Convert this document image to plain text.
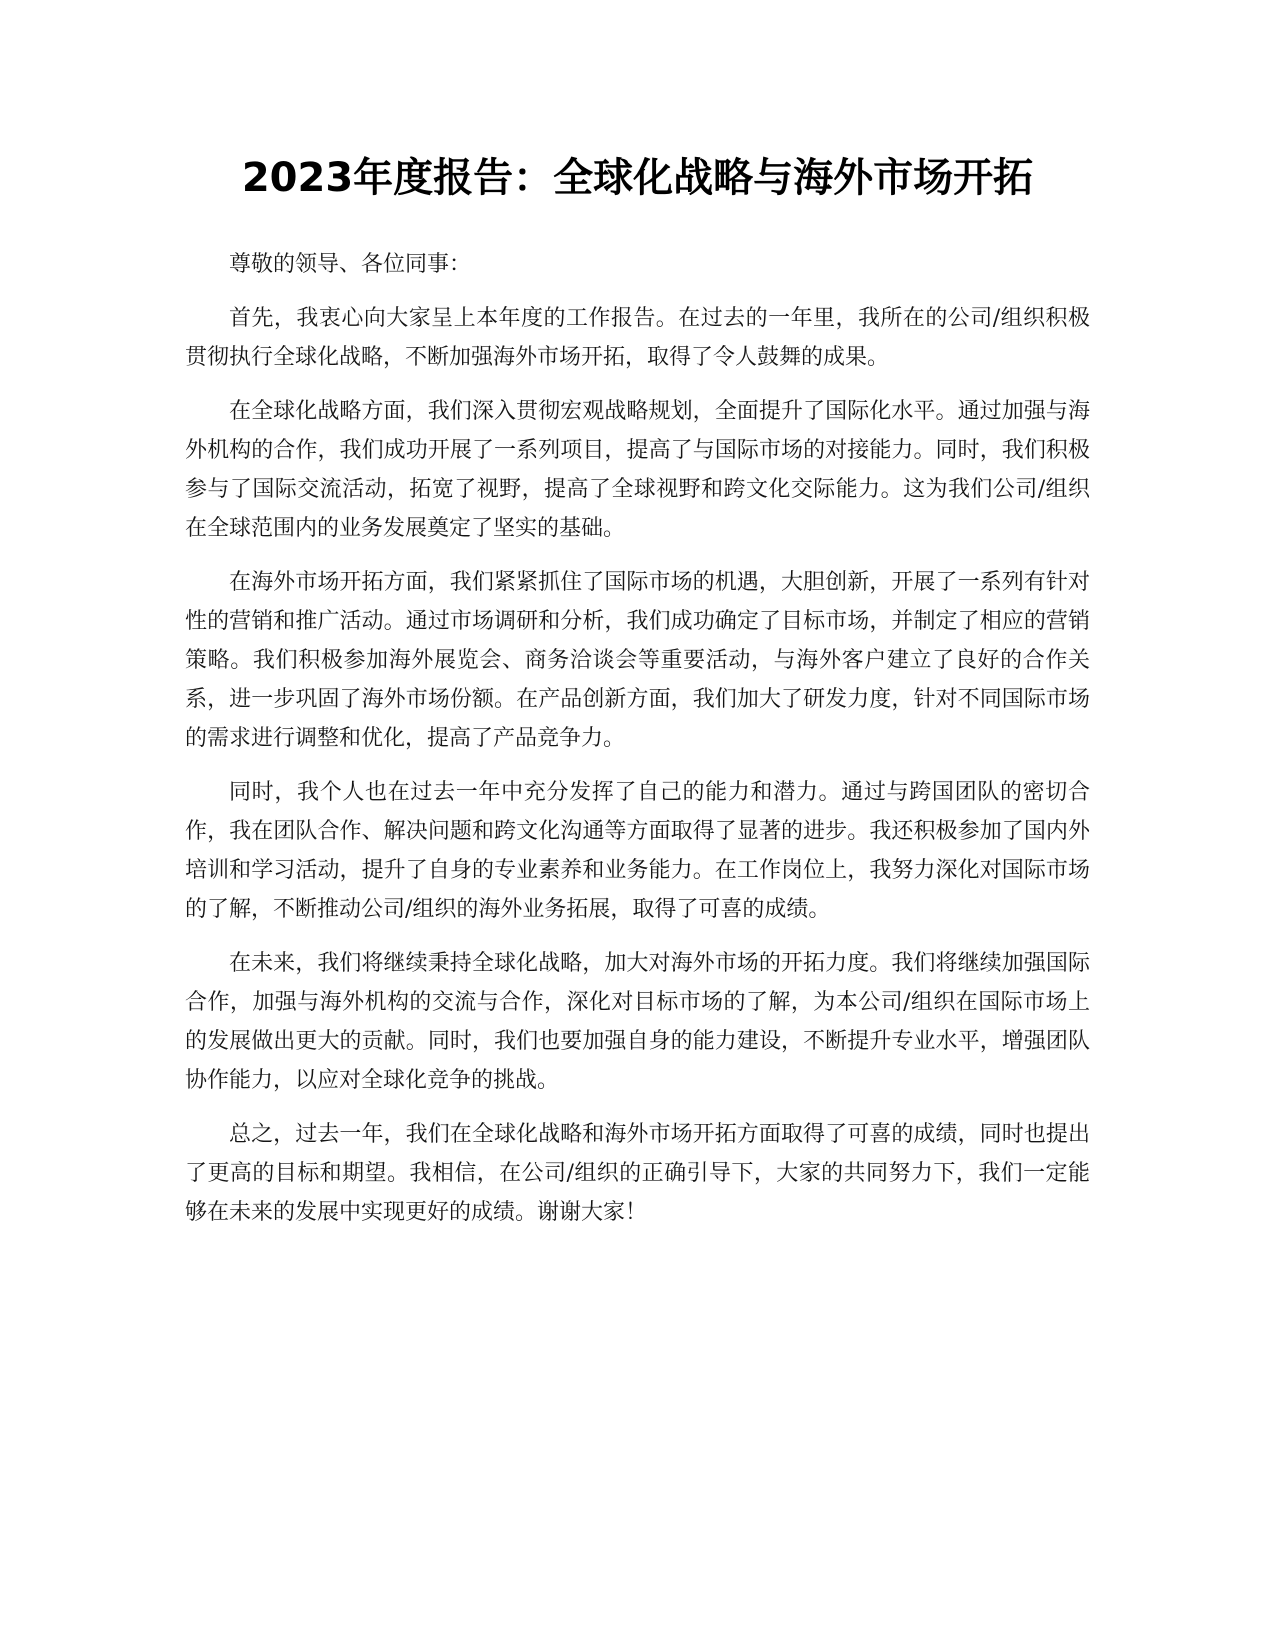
2023年度报告：全球化战略与海外市场开拓

尊敬的领导、各位同事：

首先，我衷心向大家呈上本年度的工作报告。在过去的一年里，我所在的公司/组织积极贯彻执行全球化战略，不断加强海外市场开拓，取得了令人鼓舞的成果。

在全球化战略方面，我们深入贯彻宏观战略规划，全面提升了国际化水平。通过加强与海外机构的合作，我们成功开展了一系列项目，提高了与国际市场的对接能力。同时，我们积极参与了国际交流活动，拓宽了视野，提高了全球视野和跨文化交际能力。这为我们公司/组织在全球范围内的业务发展奠定了坚实的基础。

在海外市场开拓方面，我们紧紧抓住了国际市场的机遇，大胆创新，开展了一系列有针对性的营销和推广活动。通过市场调研和分析，我们成功确定了目标市场，并制定了相应的营销策略。我们积极参加海外展览会、商务洽谈会等重要活动，与海外客户建立了良好的合作关系，进一步巩固了海外市场份额。在产品创新方面，我们加大了研发力度，针对不同国际市场的需求进行调整和优化，提高了产品竞争力。

同时，我个人也在过去一年中充分发挥了自己的能力和潜力。通过与跨国团队的密切合作，我在团队合作、解决问题和跨文化沟通等方面取得了显著的进步。我还积极参加了国内外培训和学习活动，提升了自身的专业素养和业务能力。在工作岗位上，我努力深化对国际市场的了解，不断推动公司/组织的海外业务拓展，取得了可喜的成绩。

在未来，我们将继续秉持全球化战略，加大对海外市场的开拓力度。我们将继续加强国际合作，加强与海外机构的交流与合作，深化对目标市场的了解，为本公司/组织在国际市场上的发展做出更大的贡献。同时，我们也要加强自身的能力建设，不断提升专业水平，增强团队协作能力，以应对全球化竞争的挑战。

总之，过去一年，我们在全球化战略和海外市场开拓方面取得了可喜的成绩，同时也提出了更高的目标和期望。我相信，在公司/组织的正确引导下，大家的共同努力下，我们一定能够在未来的发展中实现更好的成绩。谢谢大家！
